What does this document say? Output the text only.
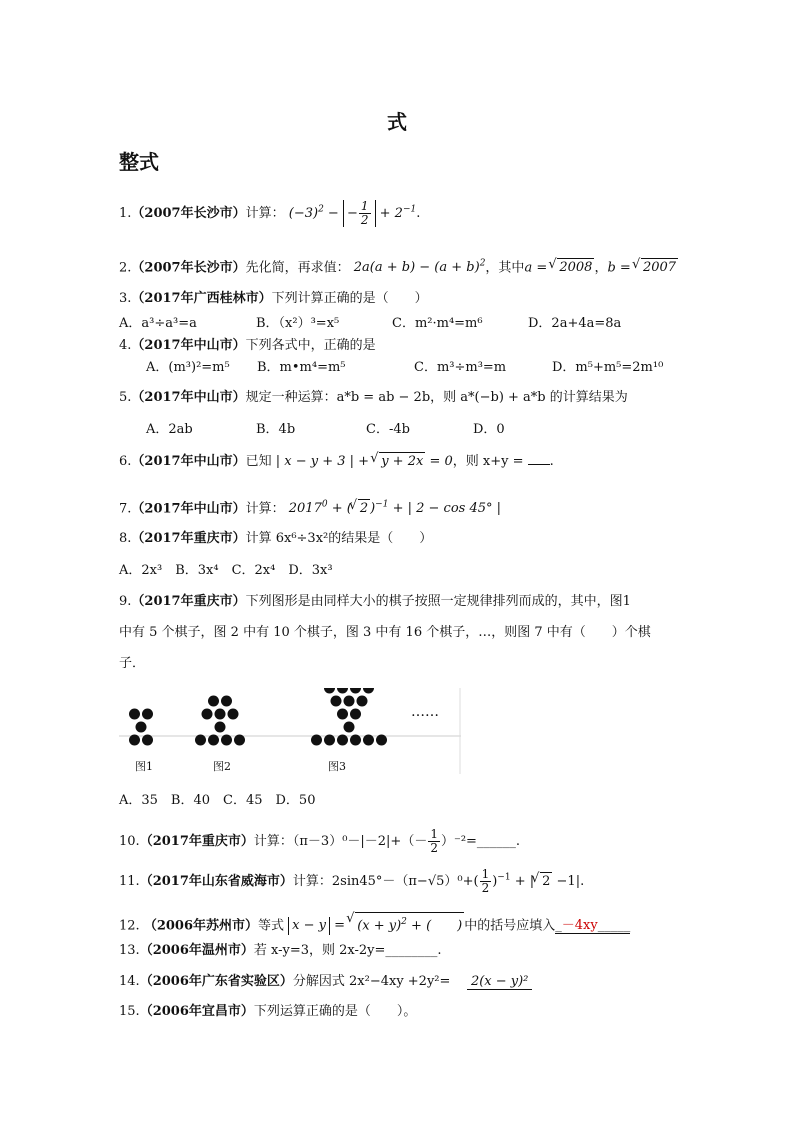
式
整式
1.（2007年长沙市）计算： $(-3)^2$ − − $\frac{1}{2} + 2^{-1}$.
2.（2007年长沙市）先化简，再求值： $2a(a + b) - (a + b)^2$，其中a = √ 2008 ，b = √ 2007
3.（2017年广西桂林市）下列计算正确的是（　　）
A．a³÷a³=a	B．（x²）³=x⁵	C．m²·m⁴=m⁶	D．2a+4a=8a
4.（2017年中山市）下列各式中，正确的是
A．(m³)²=m⁵ B．m•m⁴=m⁵	C．m³÷m³=m	D．m⁵+m⁵=2m¹⁰
5.（2017年中山市）规定一种运算：a*b = ab − 2b，则 a*(−b) + a*b 的计算结果为
A．2ab	B．4b	C．-4b	D．0
6.（2017年中山市）已知 | x − y + 3 | + √ y + 2x = 0，则 x+y = .
7.（2017年中山市）计算： $2017^0$ + ( √ 2 )$^{-1}$ + | 2 − cos 45° |
8.（2017年重庆市）计算 6x⁶÷3x²的结果是（　　）
A．2x³　B．3x⁴　C．2x⁴　D．3x³
9.（2017年重庆市）下列图形是由同样大小的棋子按照一定规律排列而成的，其中，图1
中有 5 个棋子，图 2 中有 10 个棋子，图 3 中有 16 个棋子，…，则图 7 中有（　　）个棋
子．
图1	图2	图3
……
A．35　B．40　C．45　D．50
10.（2017年重庆市）计算：$(\pi-3)^0-|-2|+(- \frac{1}{2}$ ）⁻²=______.
11.（2017年山东省威海市）计算：$2\sin 45^\circ-(\pi-√5)^0+( \frac{1}{2} )^{-1}$ + | √ 2 −1|.
12. （2006年苏州市）等式 x − y = √ $(x + y)^2$ + (　　) 中的括号应填入_－4xy_____
13.（2006年温州市）若 x-y=3，则 2x-2y=________.
14.（2006年广东省实验区）分解因式 2x²−4xy +2y²= 2(x − y)²
15.（2006年宜昌市）下列运算正确的是（　　）。
